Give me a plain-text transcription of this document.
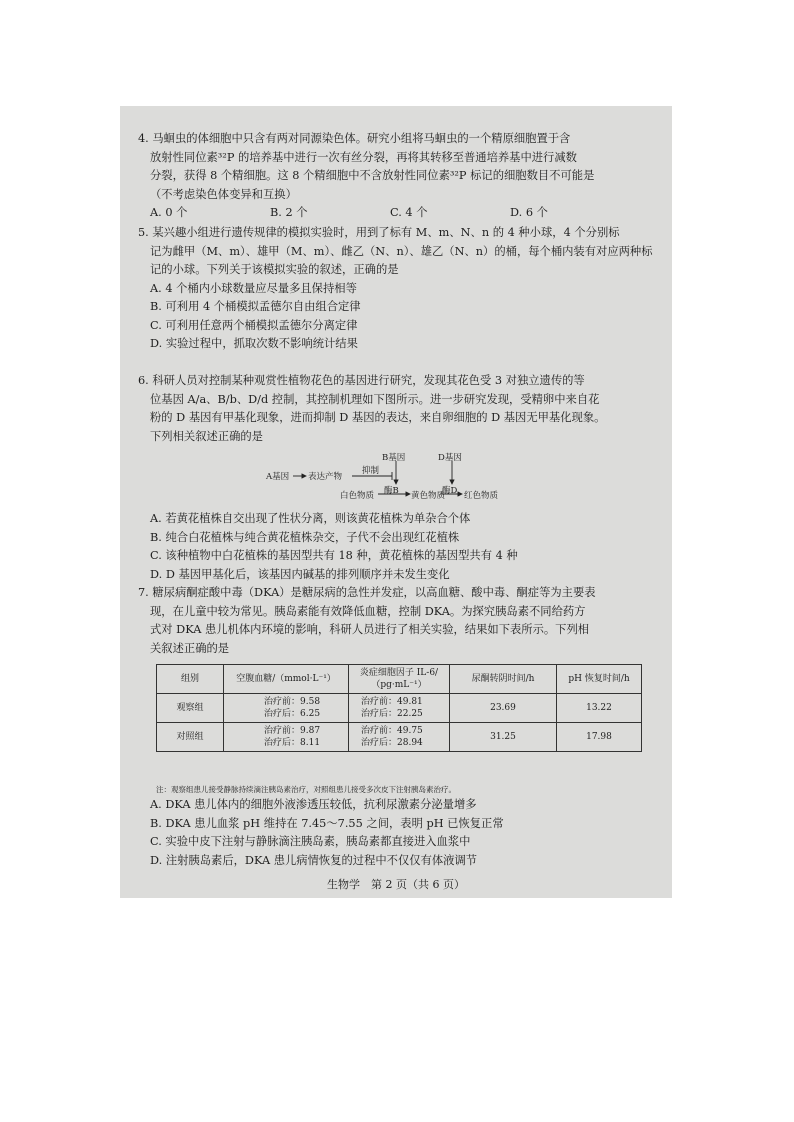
4. 马蛔虫的体细胞中只含有两对同源染色体。研究小组将马蛔虫的一个精原细胞置于含

放射性同位素³²P 的培养基中进行一次有丝分裂，再将其转移至普通培养基中进行减数

分裂，获得 8 个精细胞。这 8 个精细胞中不含放射性同位素³²P 标记的细胞数目不可能是

（不考虑染色体变异和互换）

A. 0 个	B. 2 个	C. 4 个	D. 6 个

5. 某兴趣小组进行遗传规律的模拟实验时，用到了标有 M、m、N、n 的 4 种小球，4 个分别标

记为雌甲（M、m）、雄甲（M、m）、雌乙（N、n）、雄乙（N、n）的桶，每个桶内装有对应两种标

记的小球。下列关于该模拟实验的叙述，正确的是

A. 4 个桶内小球数量应尽量多且保持相等

B. 可利用 4 个桶模拟孟德尔自由组合定律

C. 可利用任意两个桶模拟孟德尔分离定律

D. 实验过程中，抓取次数不影响统计结果

6. 科研人员对控制某种观赏性植物花色的基因进行研究，发现其花色受 3 对独立遗传的等

位基因 A/a、B/b、D/d 控制，其控制机理如下图所示。进一步研究发现，受精卵中来自花

粉的 D 基因有甲基化现象，进而抑制 D 基因的表达，来自卵细胞的 D 基因无甲基化现象。

下列相关叙述正确的是

A基因 表达产物
抑制
B基因	D基因
白色物质 酶B 黄色物质
酶D 红色物质

A. 若黄花植株自交出现了性状分离，则该黄花植株为单杂合个体

B. 纯合白花植株与纯合黄花植株杂交，子代不会出现红花植株

C. 该种植物中白花植株的基因型共有 18 种，黄花植株的基因型共有 4 种

D. D 基因甲基化后，该基因内碱基的排列顺序并未发生变化

7. 糖尿病酮症酸中毒（DKA）是糖尿病的急性并发症，以高血糖、酸中毒、酮症等为主要表

现，在儿童中较为常见。胰岛素能有效降低血糖，控制 DKA。为探究胰岛素不同给药方

式对 DKA 患儿机体内环境的影响，科研人员进行了相关实验，结果如下表所示。下列相

关叙述正确的是

组别	空腹血糖/（mmol·L⁻¹）	炎症细胞因子 IL-6/
（pg·mL⁻¹）	尿酮转阴时间/h	pH 恢复时间/h
观察组	治疗前：9.58
治疗后：6.25	治疗前：49.81
治疗后：22.25	23.69	13.22
对照组	治疗前：9.87
治疗后：8.11	治疗前：49.75
治疗后：28.94	31.25	17.98
注：观察组患儿接受静脉持续滴注胰岛素治疗，对照组患儿接受多次皮下注射胰岛素治疗。

A. DKA 患儿体内的细胞外液渗透压较低，抗利尿激素分泌量增多

B. DKA 患儿血浆 pH 维持在 7.45～7.55 之间，表明 pH 已恢复正常

C. 实验中皮下注射与静脉滴注胰岛素，胰岛素都直接进入血浆中

D. 注射胰岛素后，DKA 患儿病情恢复的过程中不仅仅有体液调节

生物学　第 2 页（共 6 页）
